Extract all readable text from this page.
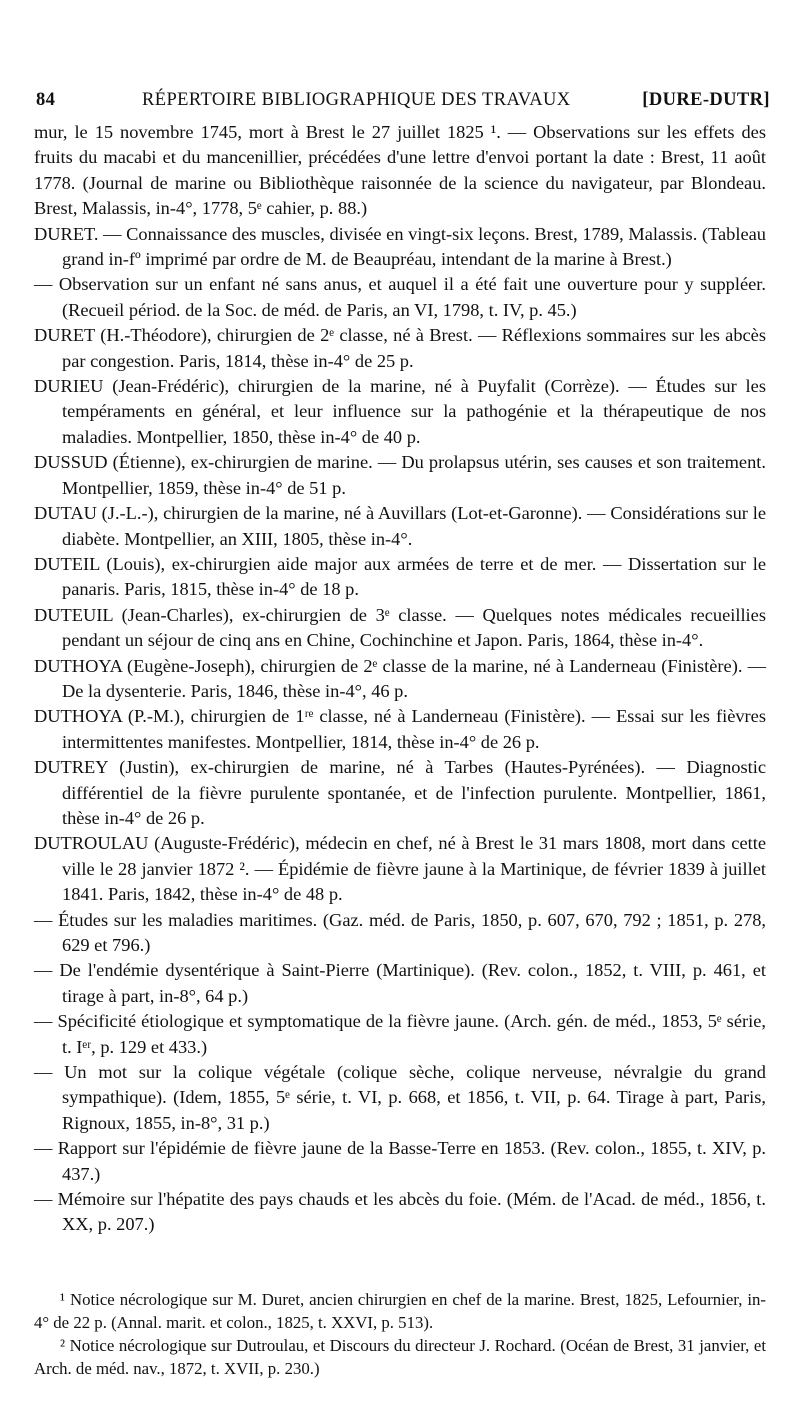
84	RÉPERTOIRE BIBLIOGRAPHIQUE DES TRAVAUX	[DURE-DUTR]

mur, le 15 novembre 1745, mort à Brest le 27 juillet 1825 ¹. — Observations sur les effets des fruits du macabi et du mancenillier, précédées d'une lettre d'envoi portant la date : Brest, 11 août 1778. (Journal de marine ou Bibliothèque raisonnée de la science du navigateur, par Blondeau. Brest, Malassis, in-4°, 1778, 5ᵉ cahier, p. 88.)

DURET. — Connaissance des muscles, divisée en vingt-six leçons. Brest, 1789, Malassis. (Tableau grand in-fº imprimé par ordre de M. de Beaupréau, intendant de la marine à Brest.)

— Observation sur un enfant né sans anus, et auquel il a été fait une ouverture pour y suppléer. (Recueil périod. de la Soc. de méd. de Paris, an VI, 1798, t. IV, p. 45.)

DURET (H.-Théodore), chirurgien de 2ᵉ classe, né à Brest. — Réflexions sommaires sur les abcès par congestion. Paris, 1814, thèse in-4° de 25 p.

DURIEU (Jean-Frédéric), chirurgien de la marine, né à Puyfalit (Corrèze). — Études sur les tempéraments en général, et leur influence sur la pathogénie et la thérapeutique de nos maladies. Montpellier, 1850, thèse in-4° de 40 p.

DUSSUD (Étienne), ex-chirurgien de marine. — Du prolapsus utérin, ses causes et son traitement. Montpellier, 1859, thèse in-4° de 51 p.

DUTAU (J.-L.-), chirurgien de la marine, né à Auvillars (Lot-et-Garonne). — Considérations sur le diabète. Montpellier, an XIII, 1805, thèse in-4°.

DUTEIL (Louis), ex-chirurgien aide major aux armées de terre et de mer. — Dissertation sur le panaris. Paris, 1815, thèse in-4° de 18 p.

DUTEUIL (Jean-Charles), ex-chirurgien de 3ᵉ classe. — Quelques notes médicales recueillies pendant un séjour de cinq ans en Chine, Cochinchine et Japon. Paris, 1864, thèse in-4°.

DUTHOYA (Eugène-Joseph), chirurgien de 2ᵉ classe de la marine, né à Landerneau (Finistère). — De la dysenterie. Paris, 1846, thèse in-4°, 46 p.

DUTHOYA (P.-M.), chirurgien de 1ʳᵉ classe, né à Landerneau (Finistère). — Essai sur les fièvres intermittentes manifestes. Montpellier, 1814, thèse in-4° de 26 p.

DUTREY (Justin), ex-chirurgien de marine, né à Tarbes (Hautes-Pyrénées). — Diagnostic différentiel de la fièvre purulente spontanée, et de l'infection purulente. Montpellier, 1861, thèse in-4° de 26 p.

DUTROULAU (Auguste-Frédéric), médecin en chef, né à Brest le 31 mars 1808, mort dans cette ville le 28 janvier 1872 ². — Épidémie de fièvre jaune à la Martinique, de février 1839 à juillet 1841. Paris, 1842, thèse in-4° de 48 p.

— Études sur les maladies maritimes. (Gaz. méd. de Paris, 1850, p. 607, 670, 792 ; 1851, p. 278, 629 et 796.)

— De l'endémie dysentérique à Saint-Pierre (Martinique). (Rev. colon., 1852, t. VIII, p. 461, et tirage à part, in-8°, 64 p.)

— Spécificité étiologique et symptomatique de la fièvre jaune. (Arch. gén. de méd., 1853, 5ᵉ série, t. Iᵉʳ, p. 129 et 433.)

— Un mot sur la colique végétale (colique sèche, colique nerveuse, névralgie du grand sympathique). (Idem, 1855, 5ᵉ série, t. VI, p. 668, et 1856, t. VII, p. 64. Tirage à part, Paris, Rignoux, 1855, in-8°, 31 p.)

— Rapport sur l'épidémie de fièvre jaune de la Basse-Terre en 1853. (Rev. colon., 1855, t. XIV, p. 437.)

— Mémoire sur l'hépatite des pays chauds et les abcès du foie. (Mém. de l'Acad. de méd., 1856, t. XX, p. 207.)

¹ Notice nécrologique sur M. Duret, ancien chirurgien en chef de la marine. Brest, 1825, Lefournier, in-4° de 22 p. (Annal. marit. et colon., 1825, t. XXVI, p. 513).

² Notice nécrologique sur Dutroulau, et Discours du directeur J. Rochard. (Océan de Brest, 31 janvier, et Arch. de méd. nav., 1872, t. XVII, p. 230.)
